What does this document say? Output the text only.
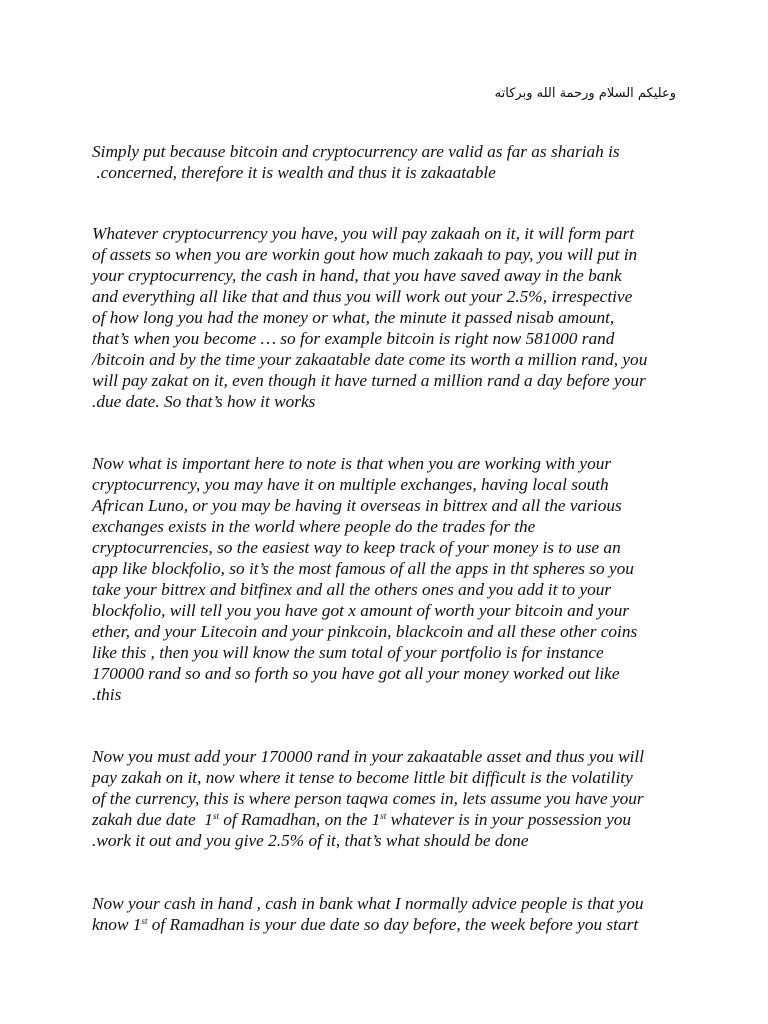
وعليكم السلام ورحمة الله وبركاته
Simply put because bitcoin and cryptocurrency are valid as far as shariah is
.concerned, therefore it is wealth and thus it is zakaatable
Whatever cryptocurrency you have, you will pay zakaah on it, it will form part
of assets so when you are workin gout how much zakaah to pay, you will put in
your cryptocurrency, the cash in hand, that you have saved away in the bank
and everything all like that and thus you will work out your 2.5%, irrespective
of how long you had the money or what, the minute it passed nisab amount,
that’s when you become … so for example bitcoin is right now 581000 rand
/bitcoin and by the time your zakaatable date come its worth a million rand, you
will pay zakat on it, even though it have turned a million rand a day before your
.due date. So that’s how it works
Now what is important here to note is that when you are working with your
cryptocurrency, you may have it on multiple exchanges, having local south
African Luno, or you may be having it overseas in bittrex and all the various
exchanges exists in the world where people do the trades for the
cryptocurrencies, so the easiest way to keep track of your money is to use an
app like blockfolio, so it’s the most famous of all the apps in tht spheres so you
take your bittrex and bitfinex and all the others ones and you add it to your
blockfolio, will tell you you have got x amount of worth your bitcoin and your
ether, and your Litecoin and your pinkcoin, blackcoin and all these other coins
like this , then you will know the sum total of your portfolio is for instance
170000 rand so and so forth so you have got all your money worked out like
.this
Now you must add your 170000 rand in your zakaatable asset and thus you will
pay zakah on it, now where it tense to become little bit difficult is the volatility
of the currency, this is where person taqwa comes in, lets assume you have your
zakah due date  1st of Ramadhan, on the 1st whatever is in your possession you
.work it out and you give 2.5% of it, that’s what should be done
Now your cash in hand , cash in bank what I normally advice people is that you
know 1st of Ramadhan is your due date so day before, the week before you start
